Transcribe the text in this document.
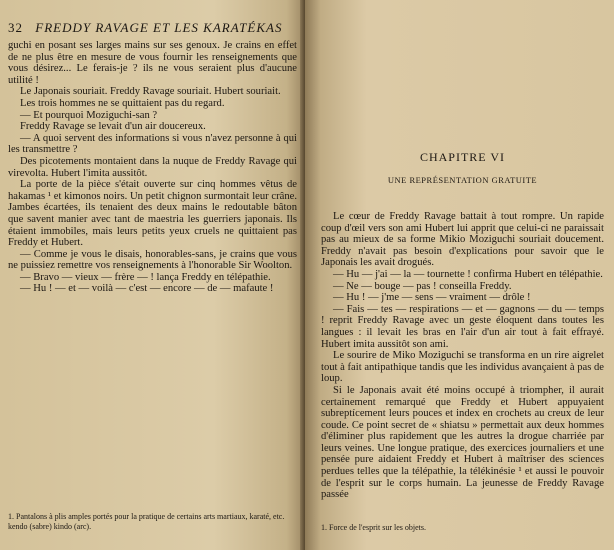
32 FREDDY RAVAGE ET LES KARATÉKAS

guchi en posant ses larges mains sur ses genoux. Je crains en effet de ne plus être en mesure de vous fournir les renseignements que vous désirez... Le ferais-je ? ils ne vous seraient plus d'aucune utilité !

Le Japonais souriait. Freddy Ravage souriait. Hubert souriait.

Les trois hommes ne se quittaient pas du regard.

— Et pourquoi Moziguchi-san ?

Freddy Ravage se levait d'un air doucereux.

— A quoi servent des informations si vous n'avez personne à qui les transmettre ?

Des picotements montaient dans la nuque de Freddy Ravage qui virevolta. Hubert l'imita aussitôt.

La porte de la pièce s'était ouverte sur cinq hommes vêtus de hakamas ¹ et kimonos noirs. Un petit chignon surmontait leur crâne. Jambes écartées, ils tenaient des deux mains le redoutable bâton que savent manier avec tant de maestria les guerriers japonais. Ils étaient immobiles, mais leurs petits yeux cruels ne quittaient pas Freddy et Hubert.

— Comme je vous le disais, honorables-sans, je crains que vous ne puissiez remettre vos renseignements à l'honorable Sir Woolton.

— Bravo — vieux — frère — ! lança Freddy en télépathie.

— Hu ! — et — voilà — c'est — encore — de — mafaute !

1. Pantalons à plis amples portés pour la pratique de certains arts martiaux, karaté, etc. kendo (sabre) kindo (arc).
CHAPITRE VI
UNE REPRÉSENTATION GRATUITE

Le cœur de Freddy Ravage battait à tout rompre. Un rapide coup d'œil vers son ami Hubert lui apprit que celui-ci ne paraissait pas au mieux de sa forme Mikio Moziguchi souriait doucement. Freddy n'avait pas besoin d'explications pour savoir que le Japonais les avait drogués.

— Hu — j'ai — la — tournette ! confirma Hubert en télépathie.

— Ne — bouge — pas ! conseilla Freddy.

— Hu ! — j'me — sens — vraiment — drôle !

— Fais — tes — respirations — et — gagnons — du — temps ! reprit Freddy Ravage avec un geste éloquent dans toutes les langues : il levait les bras en l'air d'un air tout à fait effrayé. Hubert imita aussitôt son ami.

Le sourire de Miko Moziguchi se transforma en un rire aigrelet tout à fait antipathique tandis que les individus avançaient à pas de loup.

Si le Japonais avait été moins occupé à triompher, il aurait certainement remarqué que Freddy et Hubert appuyaient subreptícement leurs pouces et index en crochets au creux de leur coude. Ce point secret de « shiatsu » permettait aux deux hommes d'éliminer plus rapidement que les autres la drogue charriée par leurs veines. Une longue pratique, des exercices journaliers et une pensée pure aidaient Freddy et Hubert à maîtriser des sciences perdues telles que la télépathie, la télékinésie ¹ et aussi le pouvoir de l'esprit sur le corps humain. La jeunesse de Freddy Ravage passée

1. Force de l'esprit sur les objets.
